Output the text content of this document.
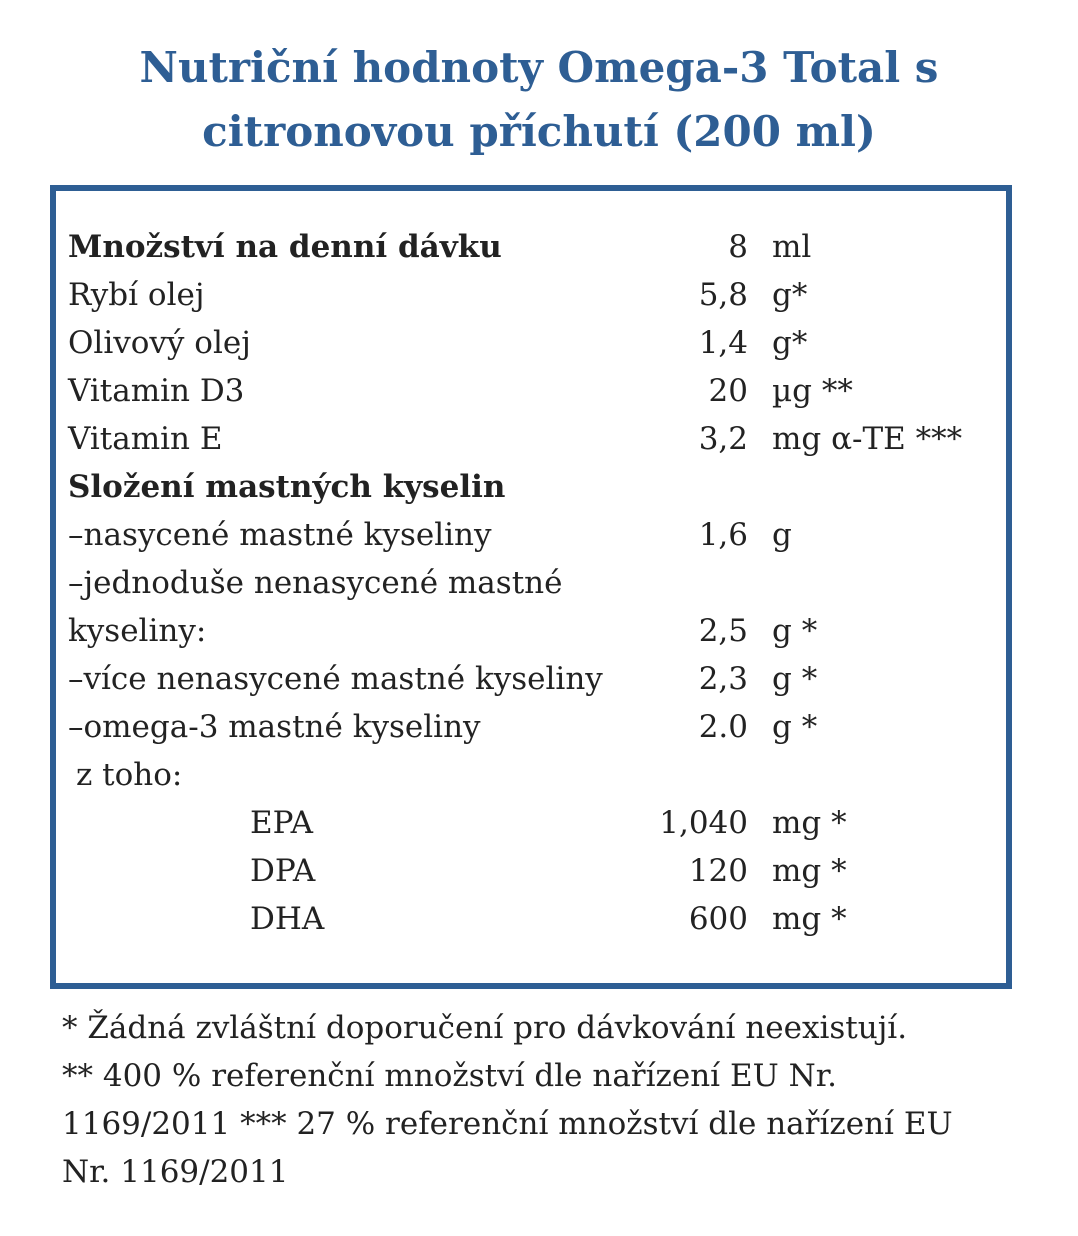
Nutriční hodnoty Omega-3 Total s
citronovou příchutí (200 ml)
Množství na denní dávku	8 ml
Rybí olej	5,8 g*
Olivový olej	1,4 g*
Vitamin D3	20 µg **
Vitamin E	3,2 mg α-TE ***
Složení mastných kyselin
–nasycené mastné kyseliny	1,6 g
–jednoduše nenasycené mastné
kyseliny:	2,5 g *
–více nenasycené mastné kyseliny	2,3 g *
–omega-3 mastné kyseliny	2.0 g *
z toho:
EPA	1,040 mg *
DPA	120 mg *
DHA	600 mg *
* Žádná zvláštní doporučení pro dávkování neexistují.
** 400 % referenční množství dle nařízení EU Nr.
1169/2011 *** 27 % referenční množství dle nařízení EU
Nr. 1169/2011
